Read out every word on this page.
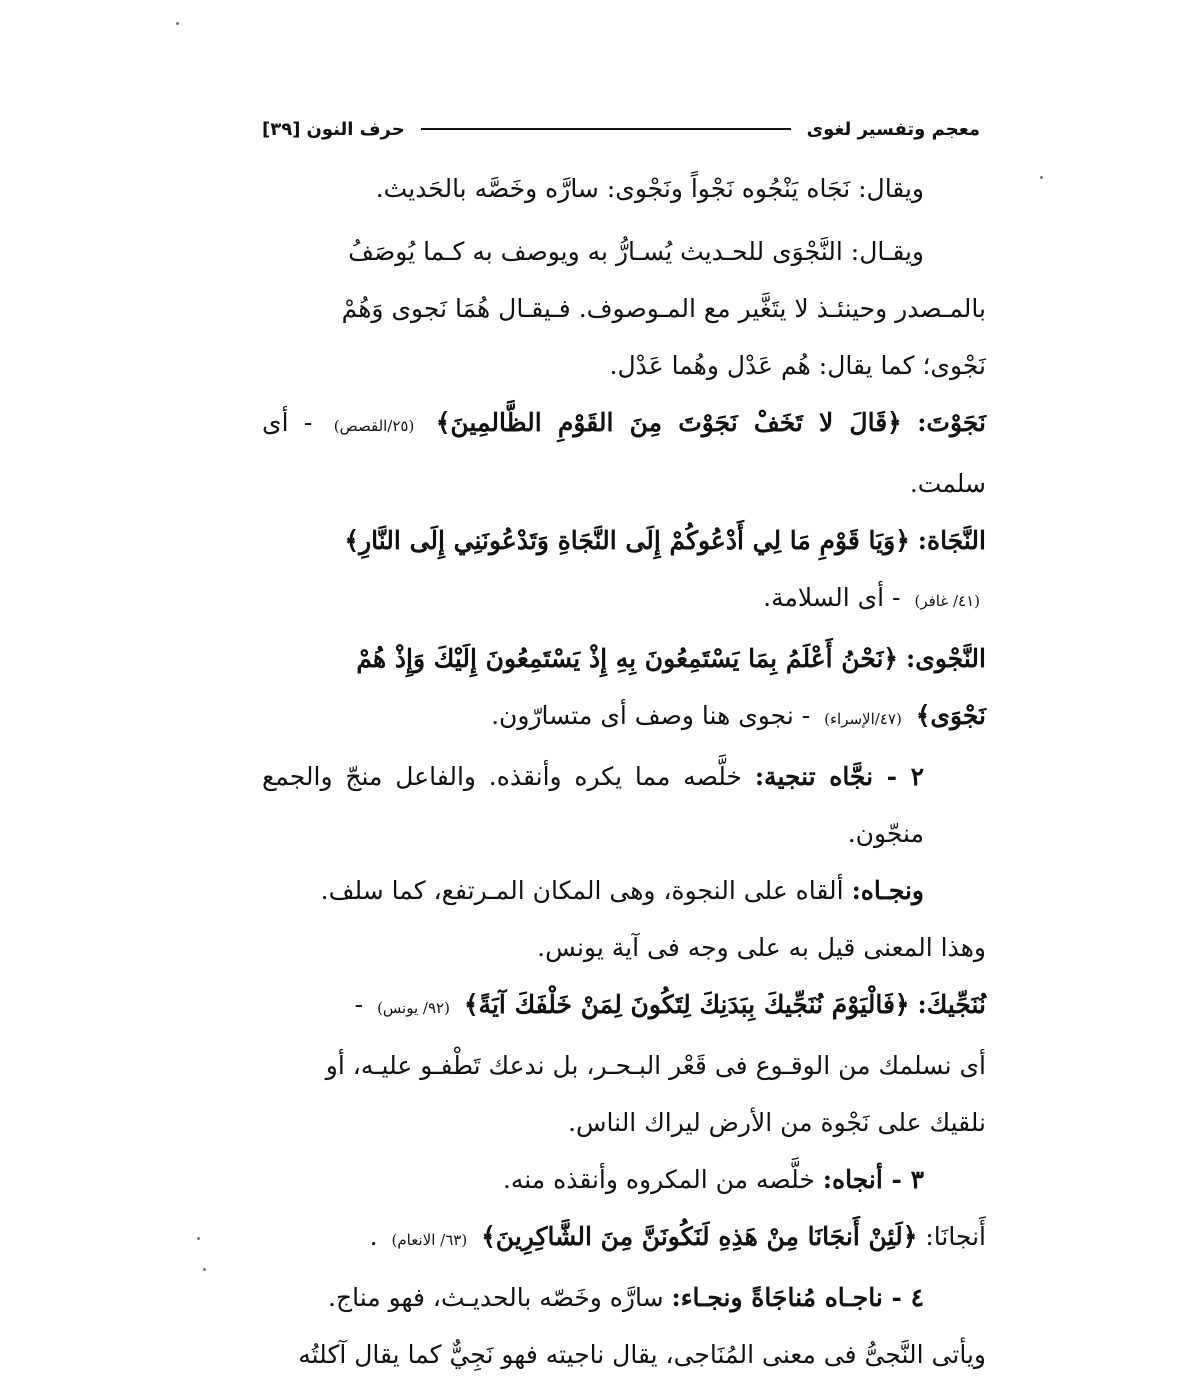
معجم وتفسير لغوى
حرف النون
[٣٩]

ويقال: نَجَاه يَنْجُوه نَجْواً ونَجْوى: سارَّه وخَصَّه بالحَديث.

ويقـال: النَّجْوَى للحـديث يُسـارُّ به ويوصف به كـما يُوصَفُ

بالمـصدر وحينئـذ لا يتَغَّير مع المـوصوف. فـيقـال هُمَا نَجوى وَهُمْ

نَجْوى؛ كما يقال: هُم عَدْل وهُما عَدْل.

نَجَوْتَ: ﴿قَالَ لا تَخَفْ نَجَوْتَ مِنَ القَوْمِ الظَّالمِينَ﴾ (٢٥/القصص) - أى سلمت.

النَّجَاة: ﴿وَيَا قَوْمِ مَا لِي أَدْعُوكُمْ إِلَى النَّجَاةِ وَتَدْعُونَنِي إِلَى النَّارِ﴾

(٤١/ غافر) - أى السلامة.

النَّجْوى: ﴿نَحْنُ أَعْلَمُ بِمَا يَسْتَمِعُونَ بِهِ إِذْ يَسْتَمِعُونَ إِلَيْكَ وَإِذْ هُمْ

نَجْوَى﴾ (٤٧/الإسراء) - نجوى هنا وصف أى متسارّون.

٢ - نجَّاه تنجية: خلَّصه مما يكره وأنقذه. والفاعل منجّ والجمع منجّون.

ونجـاه: ألقاه على النجوة، وهى المكان المـرتفع، كما سلف.

وهذا المعنى قيل به على وجه فى آية يونس.

نُنَجِّيكَ: ﴿فَالْيَوْمَ نُنَجِّيكَ بِبَدَنِكَ لِتَكُونَ لِمَنْ خَلْفَكَ آيَةً﴾ (٩٢/ يونس) -

أى نسلمك من الوقـوع فى قَعْر البـحـر، بل ندعك تَطْفـو عليـه، أو

نلقيك على نَجْوة من الأرض ليراك الناس.

٣ - أنجاه: خلَّصه من المكروه وأنقذه منه.

أَنجانَا: ﴿لَئِنْ أَنجَانَا مِنْ هَذِهِ لَنَكُونَنَّ مِنَ الشَّاكِرِينَ﴾ (٦٣/ الانعام) .

٤ - ناجـاه مُناجَاةً ونجـاء: سارَّه وخَصّه بالحديـث، فهو مناج.

ويأتى النَّجىُّ فى معنى المُنَاجى، يقال ناجيته فهو نَجِيٌّ كما يقال آكلتُه
